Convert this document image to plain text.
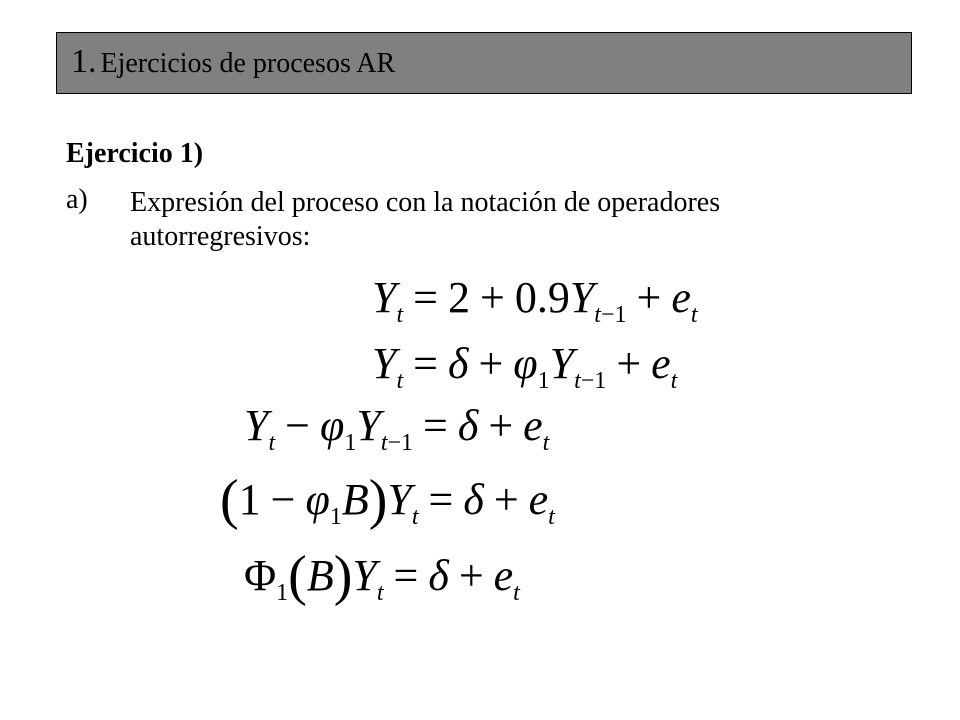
1. Ejercicios de procesos AR
Ejercicio 1)
a) Expresión del proceso con la notación de operadores autorregresivos:
$Y_t = 2 + 0.9Y_{t-1} + e_t$
$Y_t = \delta + \varphi_1Y_{t-1} + e_t$
$Y_t - \varphi_1Y_{t-1} = \delta + e_t$
$(1 - \varphi_1B)Y_t = \delta + e_t$
$\Phi_1(B)Y_t = \delta + e_t$
